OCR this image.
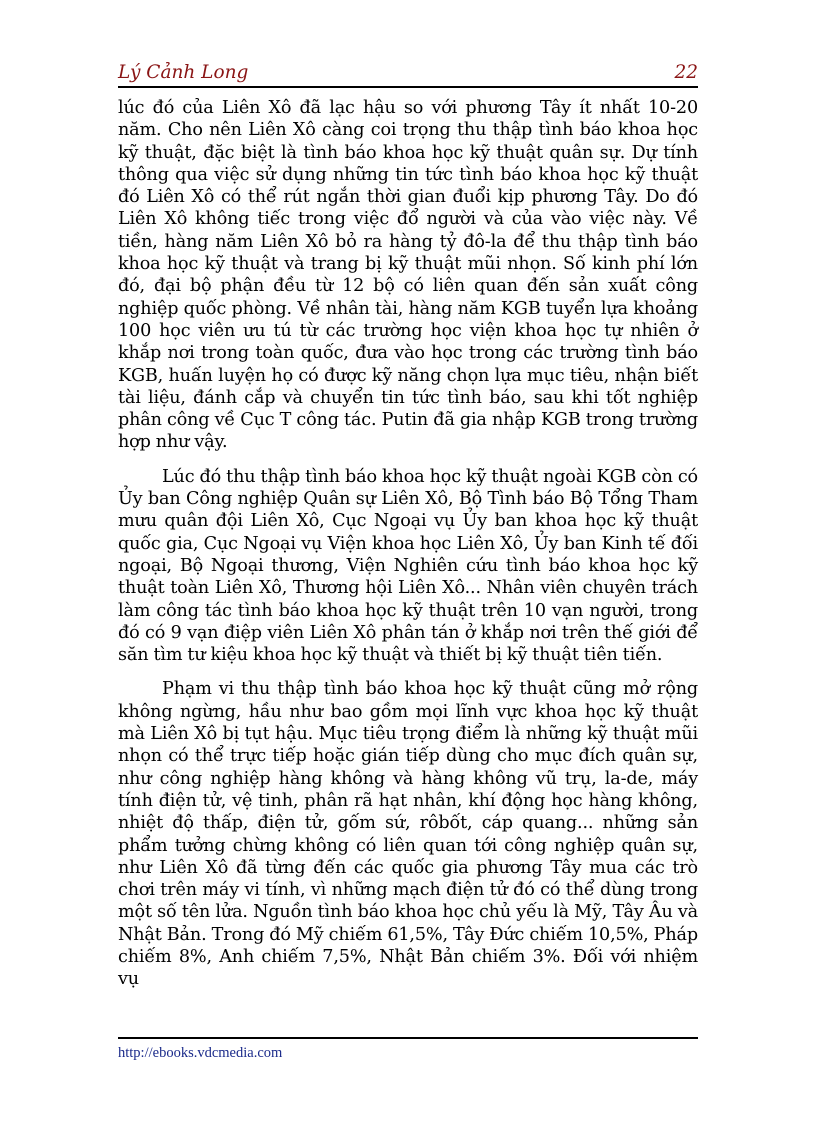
Lý Cảnh Long	22

lúc đó của Liên Xô đã lạc hậu so với phương Tây ít nhất 10-20 năm. Cho nên Liên Xô càng coi trọng thu thập tình báo khoa học kỹ thuật, đặc biệt là tình báo khoa học kỹ thuật quân sự. Dự tính thông qua việc sử dụng những tin tức tình báo khoa học kỹ thuật đó Liên Xô có thể rút ngắn thời gian đuổi kịp phương Tây. Do đó Liên Xô không tiếc trong việc đổ người và của vào việc này. Về tiền, hàng năm Liên Xô bỏ ra hàng tỷ đô-la để thu thập tình báo khoa học kỹ thuật và trang bị kỹ thuật mũi nhọn. Số kinh phí lớn đó, đại bộ phận đều từ 12 bộ có liên quan đến sản xuất công nghiệp quốc phòng. Về nhân tài, hàng năm KGB tuyển lựa khoảng 100 học viên ưu tú từ các trường học viện khoa học tự nhiên ở khắp nơi trong toàn quốc, đưa vào học trong các trường tình báo KGB, huấn luyện họ có được kỹ năng chọn lựa mục tiêu, nhận biết tài liệu, đánh cắp và chuyển tin tức tình báo, sau khi tốt nghiệp phân công về Cục T công tác. Putin đã gia nhập KGB trong trường hợp như vậy.

Lúc đó thu thập tình báo khoa học kỹ thuật ngoài KGB còn có Ủy ban Công nghiệp Quân sự Liên Xô, Bộ Tình báo Bộ Tổng Tham mưu quân đội Liên Xô, Cục Ngoại vụ Ủy ban khoa học kỹ thuật quốc gia, Cục Ngoại vụ Viện khoa học Liên Xô, Ủy ban Kinh tế đối ngoại, Bộ Ngoại thương, Viện Nghiên cứu tình báo khoa học kỹ thuật toàn Liên Xô, Thương hội Liên Xô... Nhân viên chuyên trách làm công tác tình báo khoa học kỹ thuật trên 10 vạn người, trong đó có 9 vạn điệp viên Liên Xô phân tán ở khắp nơi trên thế giới để săn tìm tư kiệu khoa học kỹ thuật và thiết bị kỹ thuật tiên tiến.

Phạm vi thu thập tình báo khoa học kỹ thuật cũng mở rộng không ngừng, hầu như bao gồm mọi lĩnh vực khoa học kỹ thuật mà Liên Xô bị tụt hậu. Mục tiêu trọng điểm là những kỹ thuật mũi nhọn có thể trực tiếp hoặc gián tiếp dùng cho mục đích quân sự, như công nghiệp hàng không và hàng không vũ trụ, la-de, máy tính điện tử, vệ tinh, phân rã hạt nhân, khí động học hàng không, nhiệt độ thấp, điện tử, gốm sứ, rôbốt, cáp quang... những sản phẩm tưởng chừng không có liên quan tới công nghiệp quân sự, như Liên Xô đã từng đến các quốc gia phương Tây mua các trò chơi trên máy vi tính, vì những mạch điện tử đó có thể dùng trong một số tên lửa. Nguồn tình báo khoa học chủ yếu là Mỹ, Tây Âu và Nhật Bản. Trong đó Mỹ chiếm 61,5%, Tây Đức chiếm 10,5%, Pháp chiếm 8%, Anh chiếm 7,5%, Nhật Bản chiếm 3%. Đối với nhiệm vụ

http://ebooks.vdcmedia.com
